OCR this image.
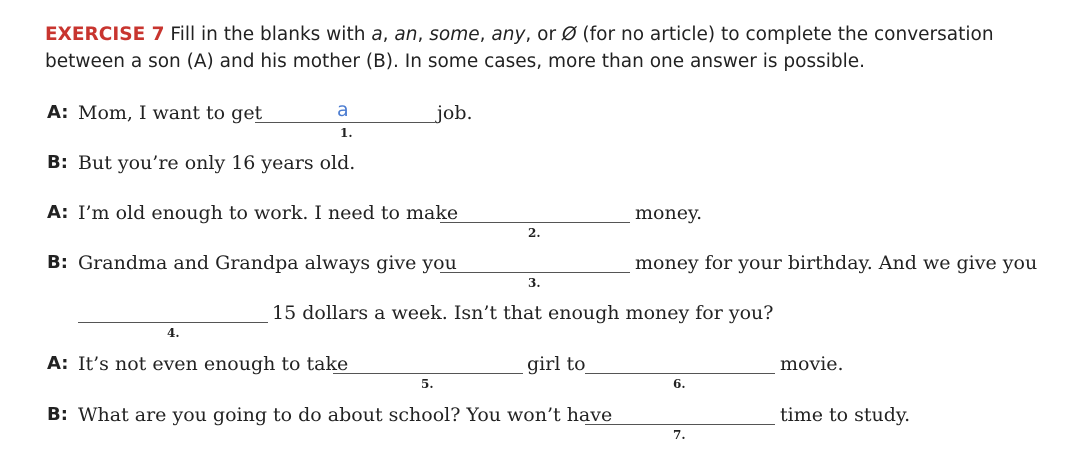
EXERCISE 7 Fill in the blanks with a, an, some, any, or Ø (for no article) to complete the conversation between a son (A) and his mother (B). In some cases, more than one answer is possible.
A: Mom, I want to get	a
1.
job.
B: But you’re only 16 years old.
A: I’m old enough to work. I need to make
2.
money.
B: Grandma and Grandpa always give you
3.
money for your birthday. And we give you
4.
15 dollars a week. Isn’t that enough money for you?
A: It’s not even enough to take
5.
girl to
6.
movie.
B: What are you going to do about school? You won’t have
7.
time to study.
